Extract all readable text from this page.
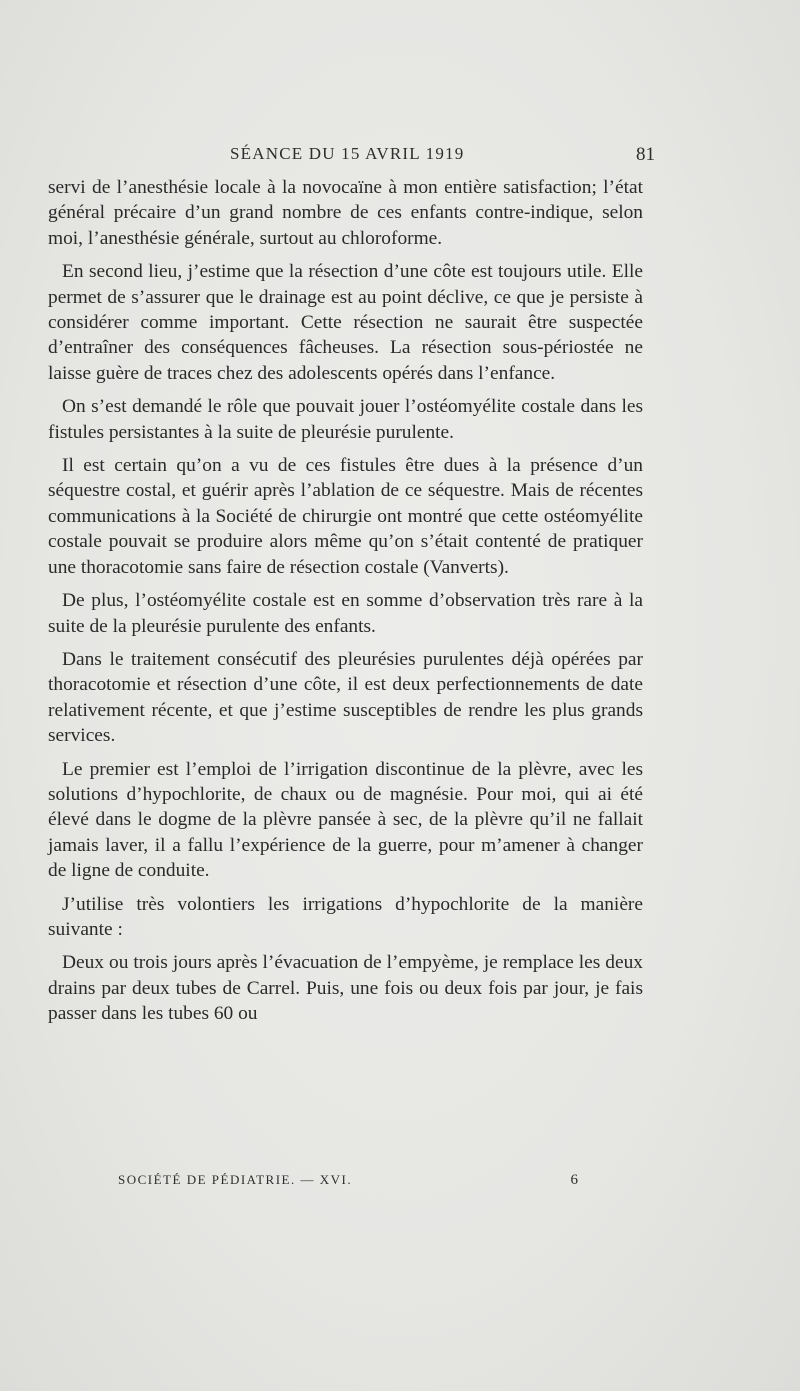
SÉANCE DU 15 AVRIL 1919	81

servi de l’anesthésie locale à la novocaïne à mon entière satisfaction; l’état général précaire d’un grand nombre de ces enfants contre-indique, selon moi, l’anesthésie générale, surtout au chloroforme.

En second lieu, j’estime que la résection d’une côte est toujours utile. Elle permet de s’assurer que le drainage est au point déclive, ce que je persiste à considérer comme important. Cette résection ne saurait être suspectée d’entraîner des conséquences fâcheuses. La résection sous-périostée ne laisse guère de traces chez des adolescents opérés dans l’enfance.

On s’est demandé le rôle que pouvait jouer l’ostéomyélite costale dans les fistules persistantes à la suite de pleurésie purulente.

Il est certain qu’on a vu de ces fistules être dues à la présence d’un séquestre costal, et guérir après l’ablation de ce séquestre. Mais de récentes communications à la Société de chirurgie ont montré que cette ostéomyélite costale pouvait se produire alors même qu’on s’était contenté de pratiquer une thoracotomie sans faire de résection costale (Vanverts).

De plus, l’ostéomyélite costale est en somme d’observation très rare à la suite de la pleurésie purulente des enfants.

Dans le traitement consécutif des pleurésies purulentes déjà opérées par thoracotomie et résection d’une côte, il est deux perfectionnements de date relativement récente, et que j’estime susceptibles de rendre les plus grands services.

Le premier est l’emploi de l’irrigation discontinue de la plèvre, avec les solutions d’hypochlorite, de chaux ou de magnésie. Pour moi, qui ai été élevé dans le dogme de la plèvre pansée à sec, de la plèvre qu’il ne fallait jamais laver, il a fallu l’expérience de la guerre, pour m’amener à changer de ligne de conduite.

J’utilise très volontiers les irrigations d’hypochlorite de la manière suivante :

Deux ou trois jours après l’évacuation de l’empyème, je remplace les deux drains par deux tubes de Carrel. Puis, une fois ou deux fois par jour, je fais passer dans les tubes 60 ou

SOCIÉTÉ DE PÉDIATRIE. — XVI.	6
